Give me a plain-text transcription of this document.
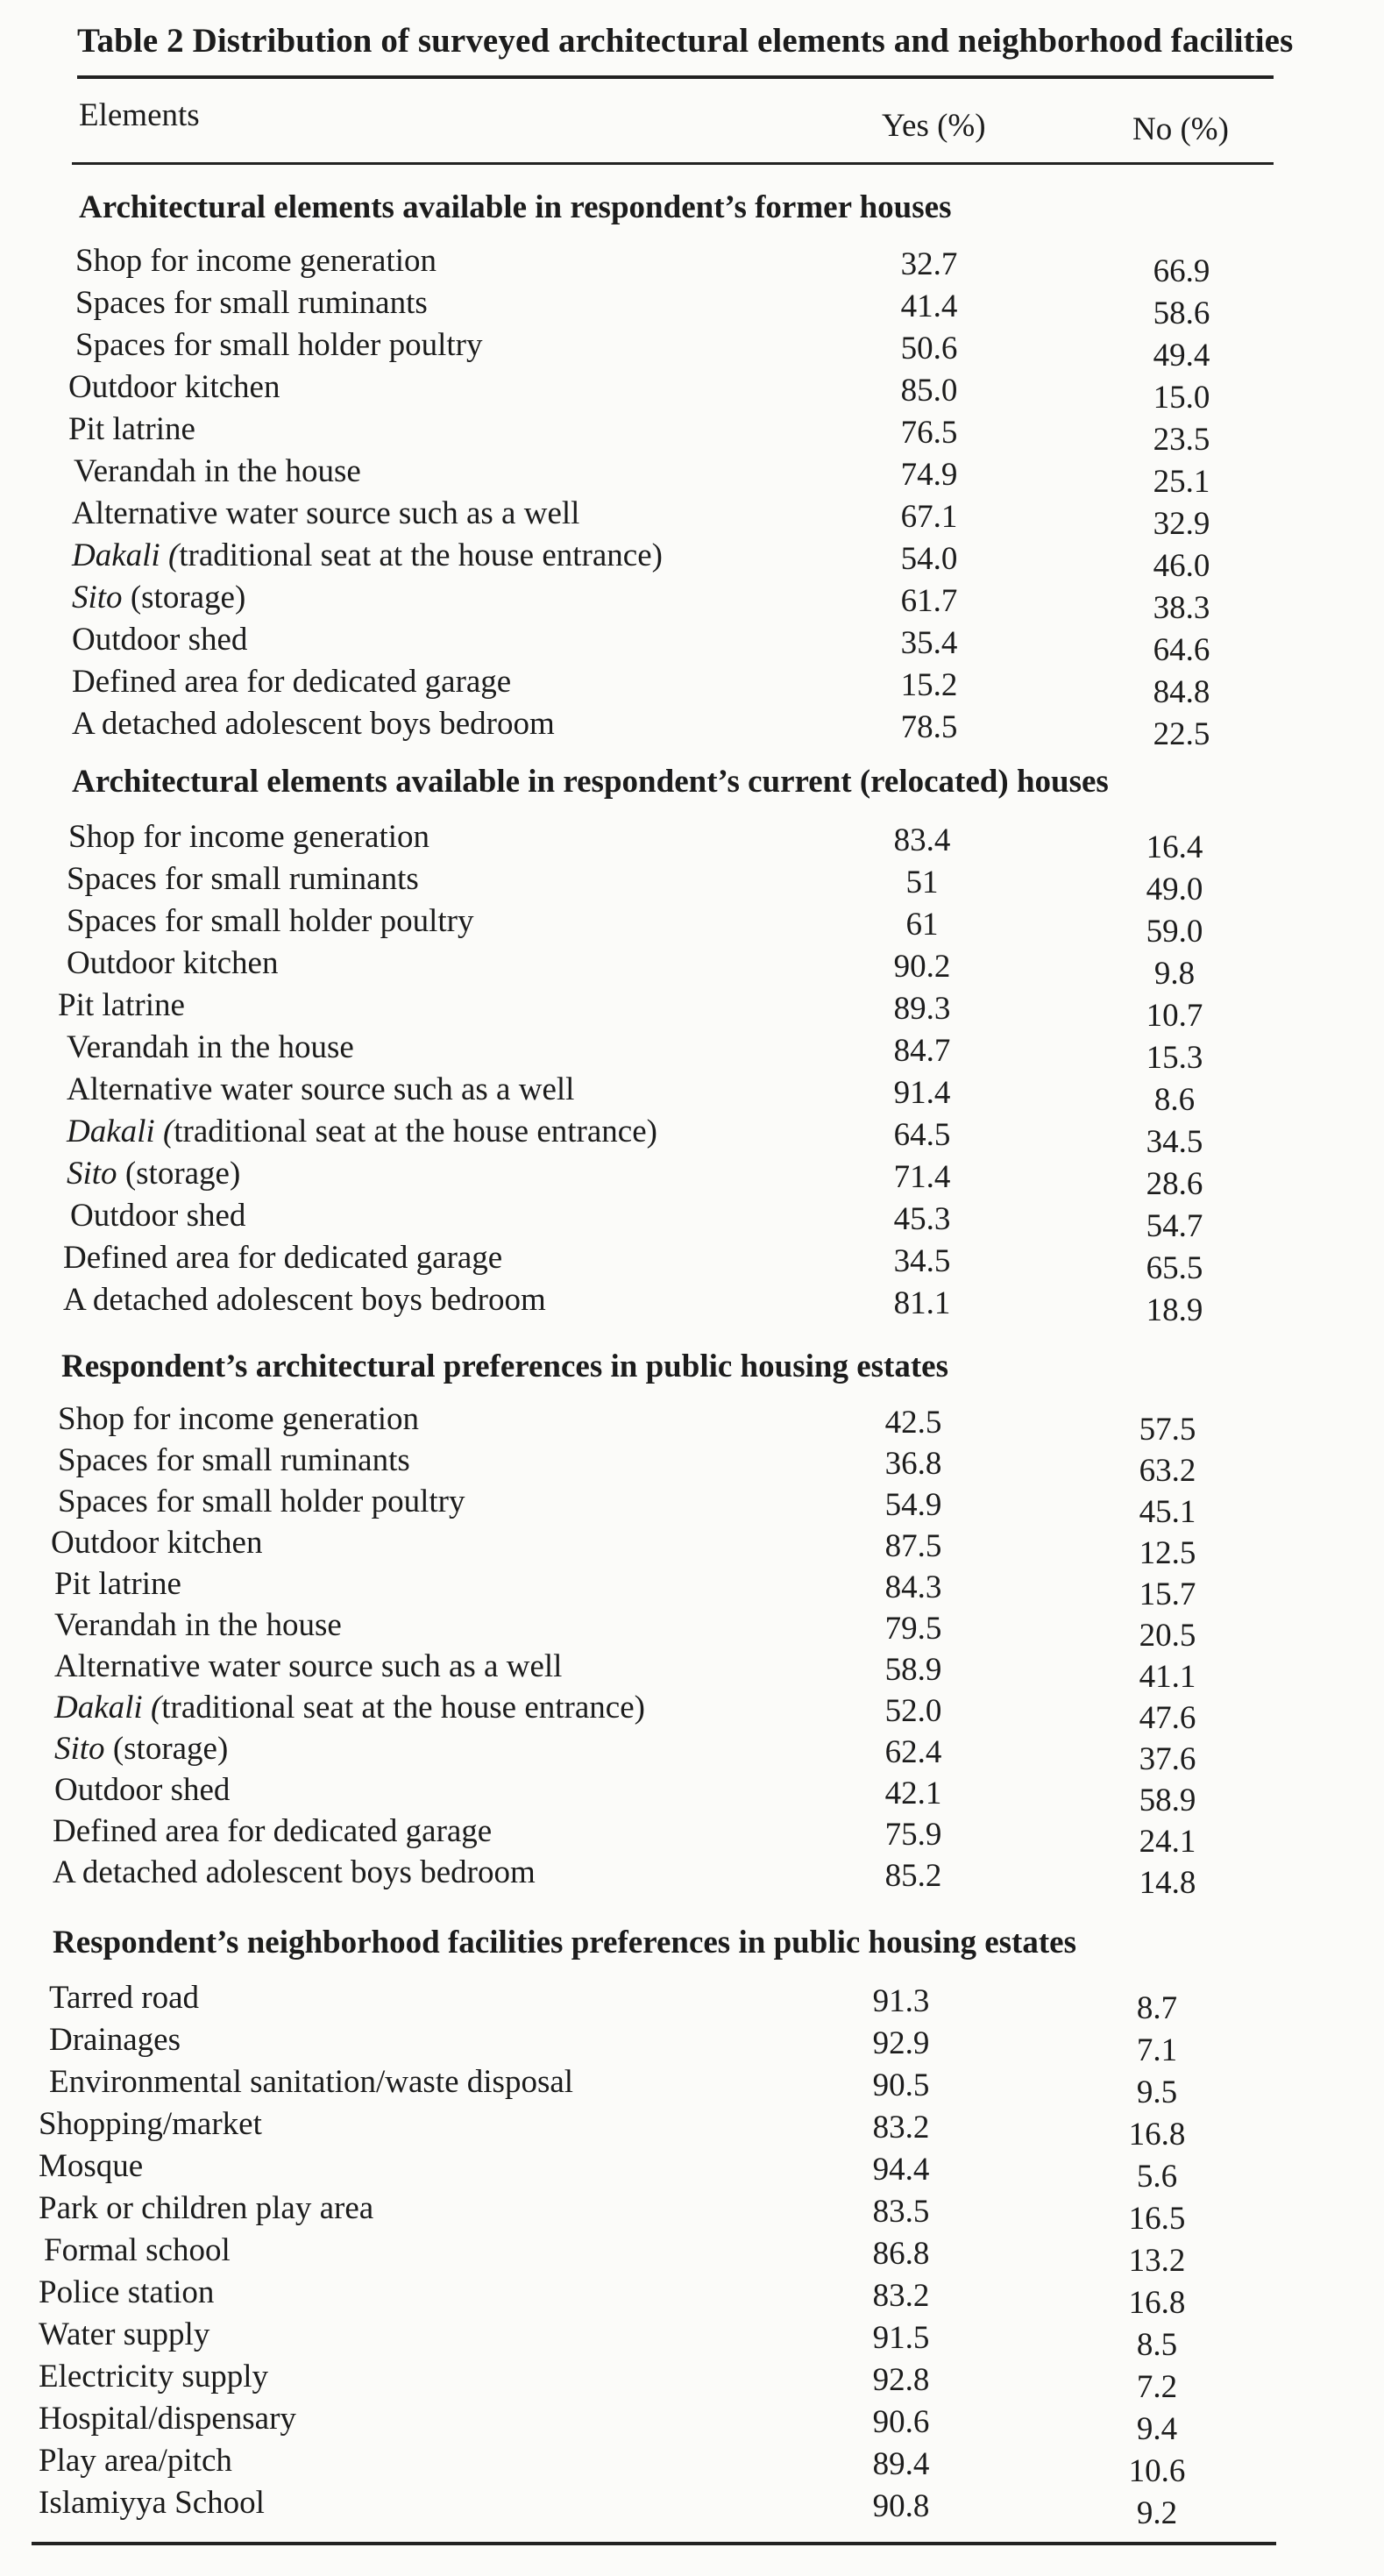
Table 2 Distribution of surveyed architectural elements and neighborhood facilities
Elements	Yes (%)	No (%)
Architectural elements available in respondent’s former houses
Shop for income generation	32.7	66.9
Spaces for small ruminants	41.4	58.6
Spaces for small holder poultry	50.6	49.4
Outdoor kitchen	85.0	15.0
Pit latrine	76.5	23.5
Verandah in the house	74.9	25.1
Alternative water source such as a well	67.1	32.9
Dakali (traditional seat at the house entrance)	54.0	46.0
Sito (storage)	61.7	38.3
Outdoor shed	35.4	64.6
Defined area for dedicated garage	15.2	84.8
A detached adolescent boys bedroom	78.5	22.5
Architectural elements available in respondent’s current (relocated) houses
Shop for income generation	83.4	16.4
Spaces for small ruminants	51	49.0
Spaces for small holder poultry	61	59.0
Outdoor kitchen	90.2	9.8
Pit latrine	89.3	10.7
Verandah in the house	84.7	15.3
Alternative water source such as a well	91.4	8.6
Dakali (traditional seat at the house entrance)	64.5	34.5
Sito (storage)	71.4	28.6
Outdoor shed	45.3	54.7
Defined area for dedicated garage	34.5	65.5
A detached adolescent boys bedroom	81.1	18.9
Respondent’s architectural preferences in public housing estates
Shop for income generation	42.5	57.5
Spaces for small ruminants	36.8	63.2
Spaces for small holder poultry	54.9	45.1
Outdoor kitchen	87.5	12.5
Pit latrine	84.3	15.7
Verandah in the house	79.5	20.5
Alternative water source such as a well	58.9	41.1
Dakali (traditional seat at the house entrance)	52.0	47.6
Sito (storage)	62.4	37.6
Outdoor shed	42.1	58.9
Defined area for dedicated garage	75.9	24.1
A detached adolescent boys bedroom	85.2	14.8
Respondent’s neighborhood facilities preferences in public housing estates
Tarred road	91.3	8.7
Drainages	92.9	7.1
Environmental sanitation/waste disposal	90.5	9.5
Shopping/market	83.2	16.8
Mosque	94.4	5.6
Park or children play area	83.5	16.5
Formal school	86.8	13.2
Police station	83.2	16.8
Water supply	91.5	8.5
Electricity supply	92.8	7.2
Hospital/dispensary	90.6	9.4
Play area/pitch	89.4	10.6
Islamiyya School	90.8	9.2
